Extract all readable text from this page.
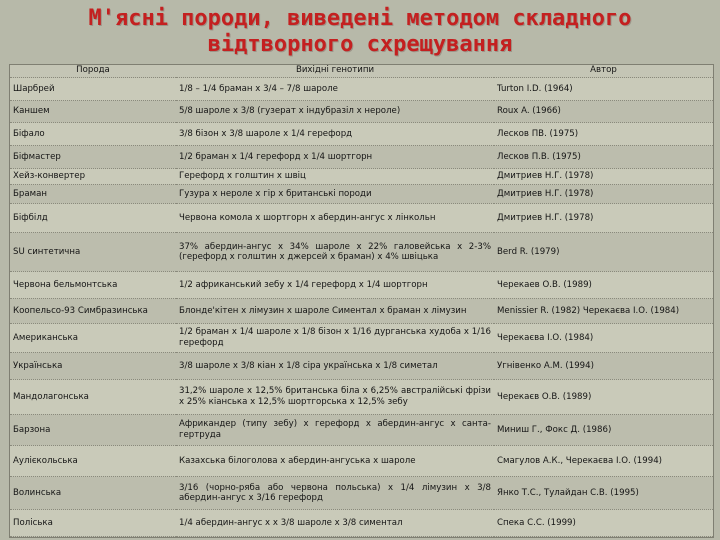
М'ясні породи, виведені методом складного
відтворного схрещування
Порода	Вихідні генотипи	Автор
Шарбрей	1/8 – 1/4 браман х 3/4 – 7/8 шароле	Turton I.D. (1964)
Каншем	5/8 шароле х 3/8 (гузерат х індубразіл х нероле)	Roux A. (1966)
Біфало	3/8 бізон х 3/8 шароле х 1/4 герефорд	Лесков ПВ. (1975)
Біфмастер	1/2 браман х 1/4 герефорд х 1/4 шортгорн	Лесков П.В. (1975)
Хейз-конвертер	Герефорд х голштин х швіц	Дмитриев Н.Г. (1978)
Браман	Гузура х нероле х гір х британські породи	Дмитриев Н.Г. (1978)
Біфбілд	Червона комола х шортгорн х абердин-ангус х лінкольн	Дмитриев Н.Г. (1978)
SU синтетична	37% абердин-ангус х 34% шароле х 22% галовейська х 2-3% (герефорд х голштин х джерсей х браман) х 4% швіцька	Berd R. (1979)
Червона бельмонтська	1/2 африканський зебу х 1/4 герефорд х 1/4 шортгорн	Черекаев О.В. (1989)
Коопельсо-93 Симбразинська	Блонде'кітен х лімузин х шароле Симентал х браман х лімузин	Menissier R. (1982) Черекаєва І.О. (1984)
Американська	1/2 браман х 1/4 шароле х 1/8 бізон х 1/16 дурганська худоба х 1/16 герефорд	Черекаєва І.О. (1984)
Українська	3/8 шароле х 3/8 кіан х 1/8 сіра українська х 1/8 симетал	Угнівенко А.М. (1994)
Мандолагонська	31,2% шароле х 12,5% британська біла х 6,25% австралійські фрізи х 25% кіанська х 12,5% шортгорська х 12,5% зебу	Черекаєв О.В. (1989)
Барзона	Африкандер (типу зебу) х герефорд х абердин-ангус х санта-гертруда	Миниш Г., Фокс Д. (1986)
Аулієкольська	Казахська білоголова х абердин-ангуська х шароле	Смагулов А.К., Черекаєва І.О. (1994)
Волинська	3/16 (чорно-ряба або червона польська) х 1/4 лімузин х 3/8 абердин-ангус х 3/16 герефорд	Янко Т.С., Тулайдан С.В. (1995)
Поліська	1/4 абердин-ангус х х 3/8 шароле х 3/8 симентал	Спека С.С. (1999)
